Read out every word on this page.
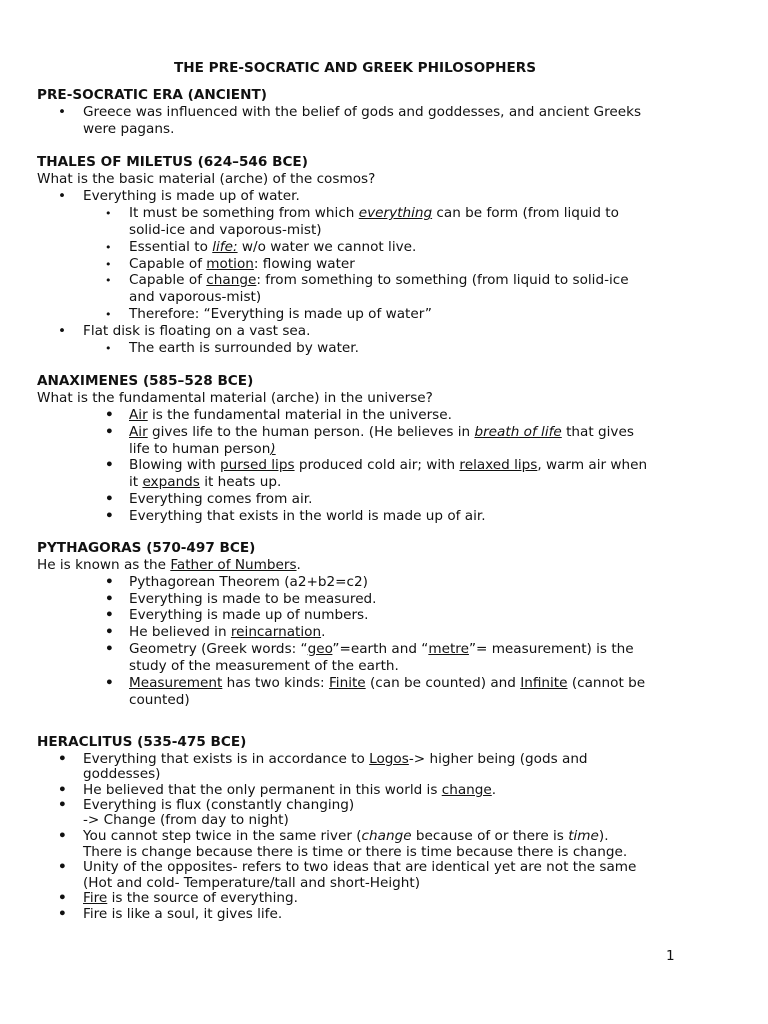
THE PRE-SOCRATIC AND GREEK PHILOSOPHERS
PRE-SOCRATIC ERA (ANCIENT)
• Greece was influenced with the belief of gods and goddesses, and ancient Greeks
were pagans.
THALES OF MILETUS (624–546 BCE)
What is the basic material (arche) of the cosmos?
• Everything is made up of water.
• It must be something from which everything can be form (from liquid to
solid-ice and vaporous-mist)
• Essential to life: w/o water we cannot live.
• Capable of motion: flowing water
• Capable of change: from something to something (from liquid to solid-ice
and vaporous-mist)
• Therefore: “Everything is made up of water”
• Flat disk is floating on a vast sea.
• The earth is surrounded by water.
ANAXIMENES (585–528 BCE)
What is the fundamental material (arche) in the universe?
• Air is the fundamental material in the universe.
• Air gives life to the human person. (He believes in breath of life that gives
life to human person)
• Blowing with pursed lips produced cold air; with relaxed lips, warm air when
it expands it heats up.
• Everything comes from air.
• Everything that exists in the world is made up of air.
PYTHAGORAS (570-497 BCE)
He is known as the Father of Numbers.
• Pythagorean Theorem (a2+b2=c2)
• Everything is made to be measured.
• Everything is made up of numbers.
• He believed in reincarnation.
• Geometry (Greek words: “geo”=earth and “metre”= measurement) is the
study of the measurement of the earth.
• Measurement has two kinds: Finite (can be counted) and Infinite (cannot be
counted)
HERACLITUS (535-475 BCE)
• Everything that exists is in accordance to Logos-> higher being (gods and
goddesses)
• He believed that the only permanent in this world is change.
• Everything is flux (constantly changing)
-> Change (from day to night)
• You cannot step twice in the same river (change because of or there is time).
There is change because there is time or there is time because there is change.
• Unity of the opposites- refers to two ideas that are identical yet are not the same
(Hot and cold- Temperature/tall and short-Height)
• Fire is the source of everything.
• Fire is like a soul, it gives life.
1
